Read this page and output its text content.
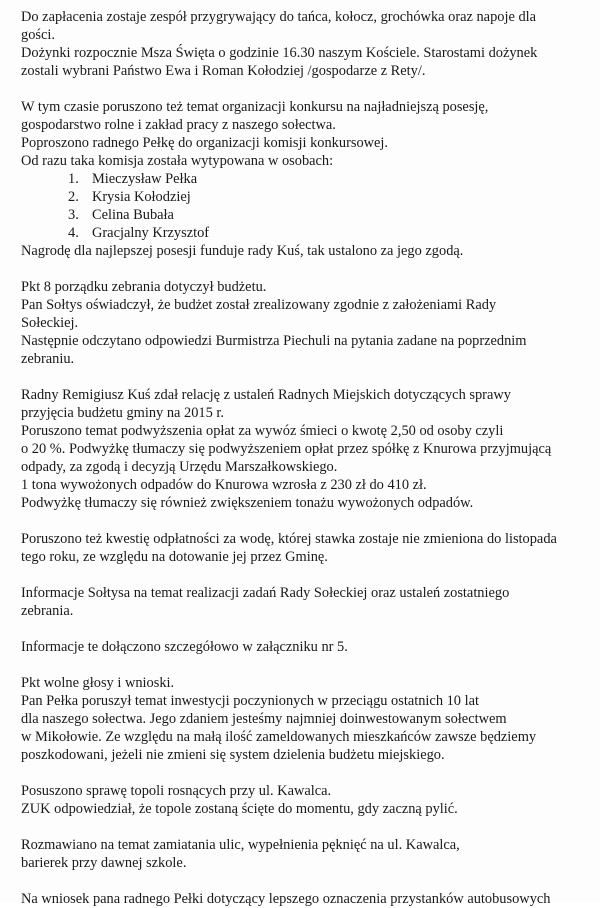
Do zapłacenia zostaje zespół przygrywający do tańca, kołocz, grochówka oraz napoje dla
gości.
Dożynki rozpocznie Msza Święta o godzinie 16.30 naszym Kościele. Starostami dożynek
zostali wybrani Państwo Ewa i Roman Kołodziej /gospodarze z Rety/.
W tym czasie poruszono też temat organizacji konkursu na najładniejszą posesję,
gospodarstwo rolne i zakład pracy z naszego sołectwa.
Poproszono radnego Pełkę do organizacji komisji konkursowej.
Od razu taka komisja została wytypowana w osobach:
1. Mieczysław Pełka
2. Krysia Kołodziej
3. Celina Bubała
4. Gracjalny Krzysztof
Nagrodę dla najlepszej posesji funduje rady Kuś, tak ustalono za jego zgodą.
Pkt 8 porządku zebrania dotyczył budżetu.
Pan Sołtys oświadczył, że budżet został zrealizowany zgodnie z założeniami Rady
Sołeckiej.
Następnie odczytano odpowiedzi Burmistrza Piechuli na pytania zadane na poprzednim
zebraniu.
Radny Remigiusz Kuś zdał relację z ustaleń Radnych Miejskich dotyczących sprawy
przyjęcia budżetu gminy na 2015 r.
Poruszono temat podwyższenia opłat za wywóz śmieci o kwotę 2,50 od osoby czyli
o 20 %. Podwyżkę tłumaczy się podwyższeniem opłat przez spółkę z Knurowa przyjmującą
odpady, za zgodą i decyzją Urzędu Marszałkowskiego.
1 tona wywożonych odpadów do Knurowa wzrosła z 230 zł do 410 zł.
Podwyżkę tłumaczy się również zwiększeniem tonażu wywożonych odpadów.
Poruszono też kwestię odpłatności za wodę, której stawka zostaje nie zmieniona do listopada
tego roku, ze względu na dotowanie jej przez Gminę.
Informacje Sołtysa na temat realizacji zadań Rady Sołeckiej oraz ustaleń zostatniego
zebrania.
Informacje te dołączono szczegółowo w załączniku nr 5.
Pkt wolne głosy i wnioski.
Pan Pełka poruszył temat inwestycji poczynionych w przeciągu ostatnich 10 lat
dla naszego sołectwa. Jego zdaniem jesteśmy najmniej doinwestowanym sołectwem
w Mikołowie. Ze względu na małą ilość zameldowanych mieszkańców zawsze będziemy
poszkodowani, jeżeli nie zmieni się system dzielenia budżetu miejskiego.
Posuszono sprawę topoli rosnących przy ul. Kawalca.
ZUK odpowiedział, że topole zostaną ścięte do momentu, gdy zaczną pylić.
Rozmawiano na temat zamiatania ulic, wypełnienia pęknięć na ul. Kawalca,
barierek przy dawnej szkole.
Na wniosek pana radnego Pełki dotyczący lepszego oznaczenia przystanków autobusowych
